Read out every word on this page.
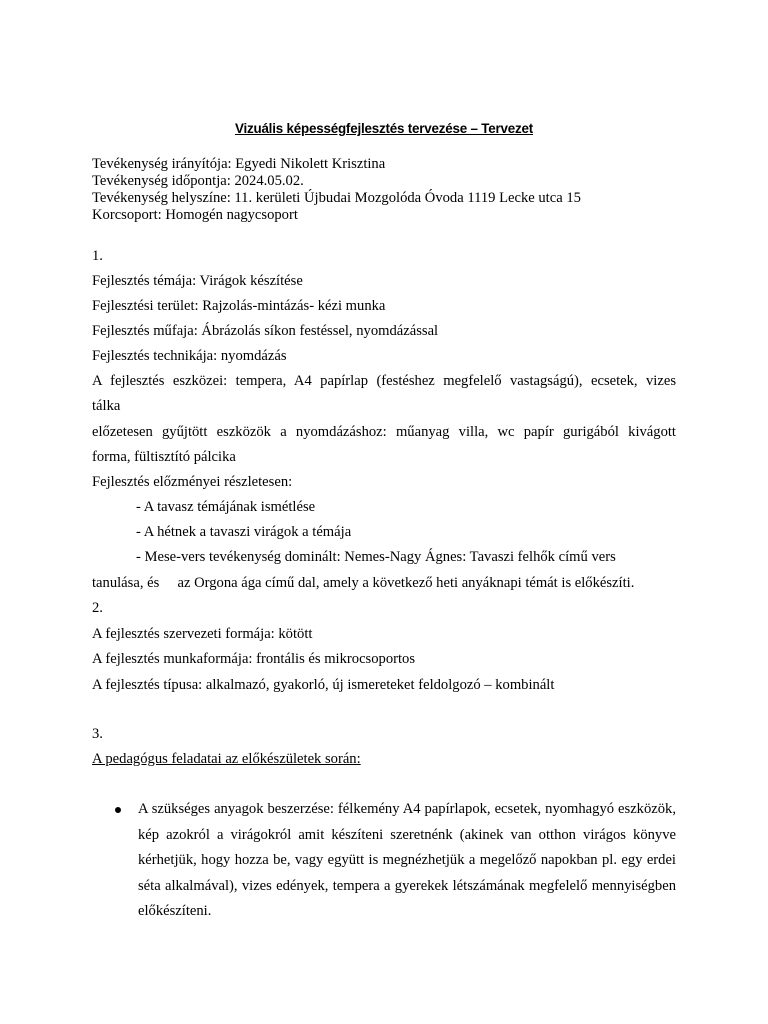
Vizuális képességfejlesztés tervezése – Tervezet
Tevékenység irányítója: Egyedi Nikolett Krisztina
Tevékenység időpontja: 2024.05.02.
Tevékenység helyszíne: 11. kerületi Újbudai Mozgolóda Óvoda 1119 Lecke utca 15
Korcsoport: Homogén nagycsoport
1.
Fejlesztés témája: Virágok készítése
Fejlesztési terület: Rajzolás-mintázás- kézi munka
Fejlesztés műfaja: Ábrázolás síkon festéssel, nyomdázással
Fejlesztés technikája: nyomdázás
A fejlesztés eszközei: tempera, A4 papírlap (festéshez megfelelő vastagságú), ecsetek, vizes
tálka
előzetesen gyűjtött eszközök a nyomdázáshoz: műanyag villa, wc papír gurigából kivágott
forma, fültisztító pálcika
Fejlesztés előzményei részletesen:
- A tavasz témájának ismétlése
- A hétnek a tavaszi virágok a témája
- Mese-vers tevékenység dominált: Nemes-Nagy Ágnes: Tavaszi felhők című vers
tanulása, és     az Orgona ága című dal, amely a következő heti anyáknapi témát is előkészíti.
2.
A fejlesztés szervezeti formája: kötött
A fejlesztés munkaformája: frontális és mikrocsoportos
A fejlesztés típusa: alkalmazó, gyakorló, új ismereteket feldolgozó – kombinált
3.
A pedagógus feladatai az előkészületek során:
A szükséges anyagok beszerzése: félkemény A4 papírlapok, ecsetek, nyomhagyó eszközök, kép azokról a virágokról amit készíteni szeretnénk (akinek van otthon virágos könyve kérhetjük, hogy hozza be, vagy együtt is megnézhetjük a megelőző napokban pl. egy erdei séta alkalmával), vizes edények, tempera a gyerekek létszámának megfelelő mennyiségben előkészíteni.
